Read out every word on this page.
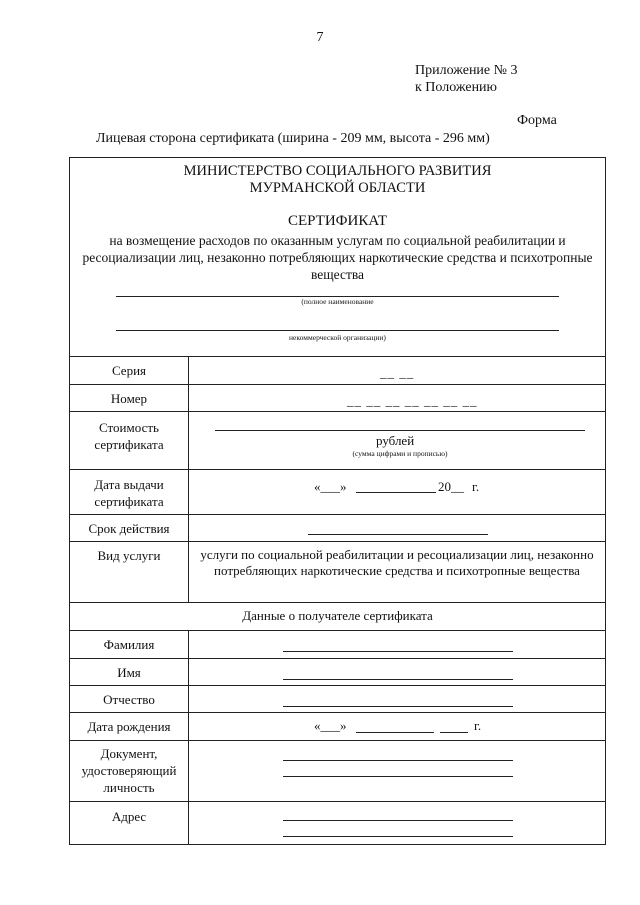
7
Приложение № 3
к Положению
Форма
Лицевая сторона сертификата (ширина - 209 мм, высота - 296 мм)
МИНИСТЕРСТВО СОЦИАЛЬНОГО РАЗВИТИЯ
МУРМАНСКОЙ ОБЛАСТИ
СЕРТИФИКАТ
на возмещение расходов по оказанным услугам по социальной реабилитации и ресоциализации лиц, незаконно потребляющих наркотические средства и психотропные вещества
(полное наименование
некоммерческой организации)
Серия	__ __
Номер	__ __ __ __ __ __ __
Стоимость
сертификата	рублей
(сумма цифрами и прописью)
Дата выдачи
сертификата
«___»	20__ г.
Срок действия
Вид услуги	услуги по социальной реабилитации и ресоциализации лиц, незаконно потребляющих наркотические средства и психотропные вещества
Данные о получателе сертификата
Фамилия
Имя
Отчество
Дата рождения	«___»	г.
Документ,
удостоверяющий
личность
Адрес
